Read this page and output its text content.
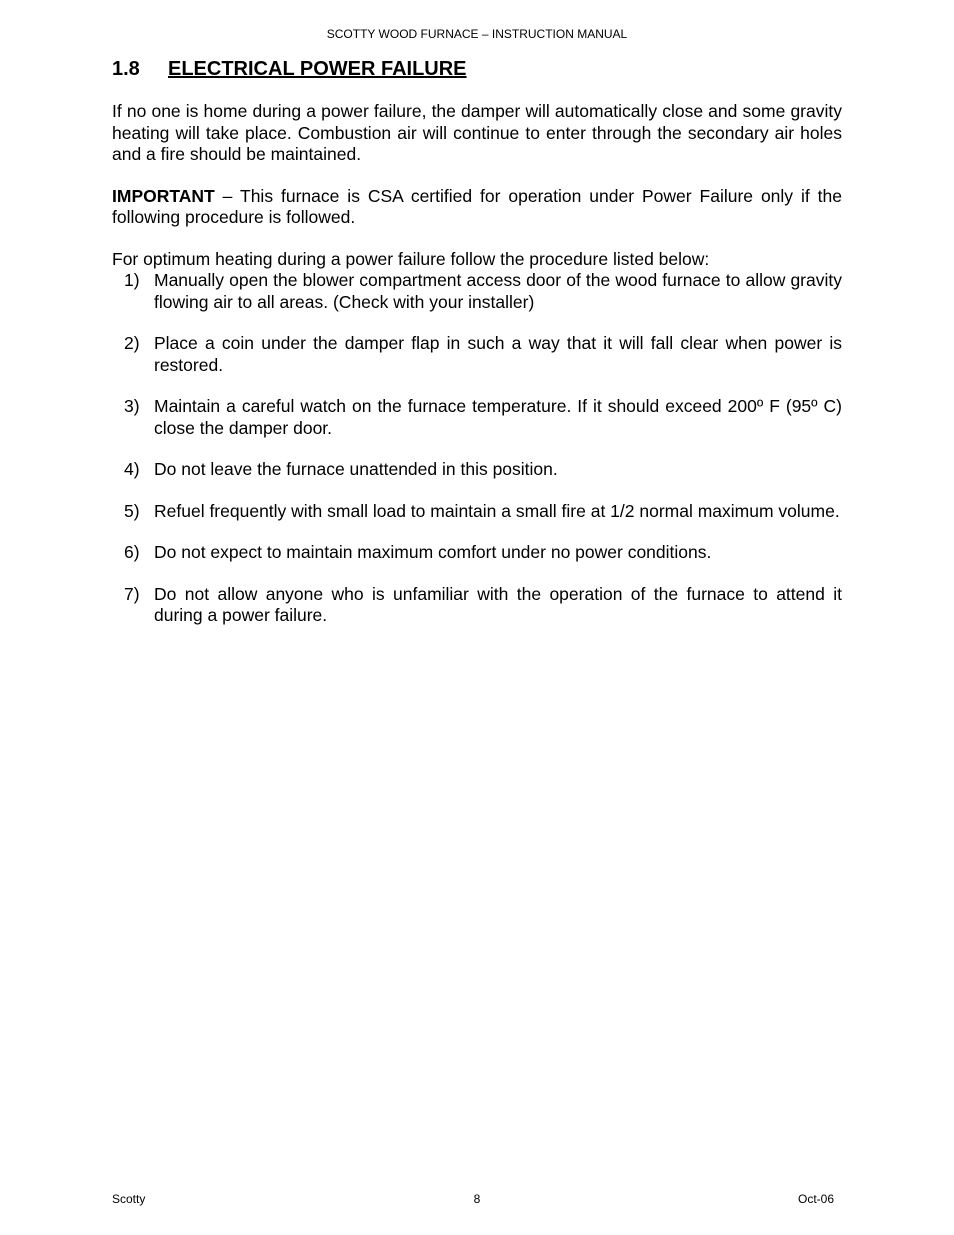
SCOTTY WOOD FURNACE – INSTRUCTION MANUAL
1.8 ELECTRICAL POWER FAILURE

If no one is home during a power failure, the damper will automatically close and some gravity heating will take place. Combustion air will continue to enter through the secondary air holes and a fire should be maintained.

IMPORTANT – This furnace is CSA certified for operation under Power Failure only if the following procedure is followed.

For optimum heating during a power failure follow the procedure listed below:

1) Manually open the blower compartment access door of the wood furnace to allow gravity flowing air to all areas. (Check with your installer)
2) Place a coin under the damper flap in such a way that it will fall clear when power is restored.
3) Maintain a careful watch on the furnace temperature. If it should exceed 200º F (95º C) close the damper door.
4) Do not leave the furnace unattended in this position.
5) Refuel frequently with small load to maintain a small fire at 1/2 normal maximum volume.
6) Do not expect to maintain maximum comfort under no power conditions.
7) Do not allow anyone who is unfamiliar with the operation of the furnace to attend it during a power failure.
Scotty	8	Oct-06
